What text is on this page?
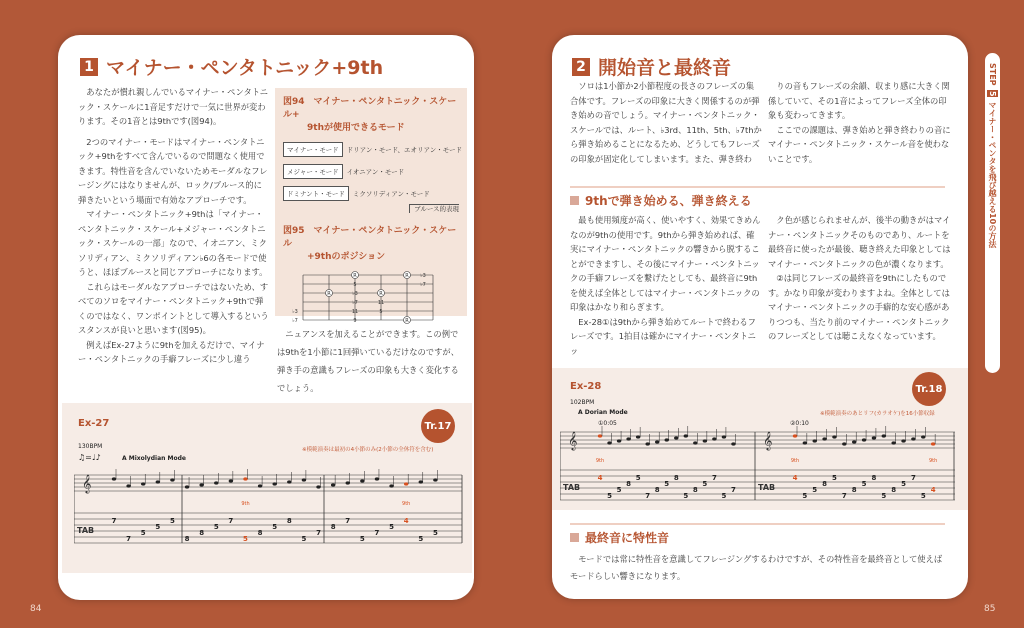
1 マイナー・ペンタトニック+9th

あなたが慣れ親しんでいるマイナー・ペンタトニック・スケールに1音足すだけで一気に世界が変わります。その1音とは9thです(図94)。

2つのマイナー・モードはマイナー・ペンタトニック+9thをすべて含んでいるので問題なく使用できます。特性音を含んでいないためモーダルなフレージングにはなりませんが、ロック/ブルース的に弾きたいという場面で有効なアプローチです。

マイナー・ペンタトニック+9thは「マイナー・ペンタトニック・スケール+メジャー・ペンタトニック・スケールの一部」なので、イオニアン、ミクソリディアン、ミクソリディアン♭6の各モードで使うと、ほぼブルースと同じアプローチになります。

これらはモーダルなアプローチではないため、すべてのソロをマイナー・ペンタトニック+9thで弾くのではなく、ワンポイントとして導入するというスタンスが良いと思います(図95)。

例えばEx-27ように9thを加えるだけで、マイナー・ペンタトニックの手癖フレーズに少し違う

図94　マイナー・ペンタトニック・スケール+
9thが使用できるモード
マイナー・モード	ドリアン・モード、エオリアン・モード
メジャー・モード	イオニアン・モード
ドミナント・モード	ミクソリディアン・モード
ブルース的表現
図95　マイナー・ペンタトニック・スケール
+9thのポジション
R
5
♭3
♭7
11
9
R
♭3
♭7
11
R
5
R
R
♭3
♭7
ニュアンスを加えることができます。この例では9thを1小節に1回弾いているだけなのですが、弾き手の意識もフレーズの印象も大きく変化するでしょう。
Ex-27	Tr.17
※模範演奏は最初の4小節のみ(2小節の全休符を含む)
130BPM
♫=♩♪	A Mixolydian Mode
𝄞
TAB
7
7
5
5
5
8
8
5
7
5
9th
8
5
8
5
7
8
7
5
7
5
4
9th
5
5
2 開始音と最終音
ソロは1小節か2小節程度の長さのフレーズの集合体です。フレーズの印象に大きく関係するのが弾き始めの音でしょう。マイナー・ペンタトニック・スケールでは、ルート、♭3rd、11th、5th、♭7thから弾き始めることになるため、どうしてもフレーズの印象が固定化してしまいます。また、弾き終わ

りの音もフレーズの余韻、収まり感に大きく関係していて、その1音によってフレーズ全体の印象も変わってきます。

ここでの課題は、弾き始めと弾き終わりの音にマイナー・ペンタトニック・スケール音を使わないことです。

9thで弾き始める、弾き終える

最も使用頻度が高く、使いやすく、効果てきめんなのが9thの使用です。9thから弾き始めれば、確実にマイナー・ペンタトニックの響きから脱することができますし、その後にマイナー・ペンタトニックの手癖フレーズを繋げたとしても、最終音に9thを使えば全体としてはマイナー・ペンタトニックの印象はかなり和らぎます。

Ex-28①は9thから弾き始めてルートで終わるフレーズです。1拍目は確かにマイナー・ペンタトニッ

ク色が感じられませんが、後半の動きがはマイナー・ペンタトニックそのものであり、ルートを最終音に使ったが最後、聴き終えた印象としてはマイナー・ペンタトニックの色が濃くなります。

②は同じフレーズの最終音を9thにしたものです。かなり印象が変わりますよね。全体としてはマイナー・ペンタトニックの手癖的な安心感がありつつも、当たり前のマイナー・ペンタトニックのフレーズとしては聴こえなくなっています。

Ex-28	Tr.18
※模範演奏のあとリフ(カラオケ)を16小節収録
102BPM
A Dorian Mode
𝄞
TAB
4
9th
5
5
8
5
7
8
5
8
5
8
5
7
5
7
𝄞
TAB
4
9th
5
5
8
5
7
8
5
8
5
8
5
7
5
4
9th
①0:05	②0:10
最終音に特性音
モードでは常に特性音を意識してフレージングするわけですが、その特性音を最終音として使えばモードらしい響きになります。
STEP
5
マイナー・ペンタを飛び越える10の方法
84	85
